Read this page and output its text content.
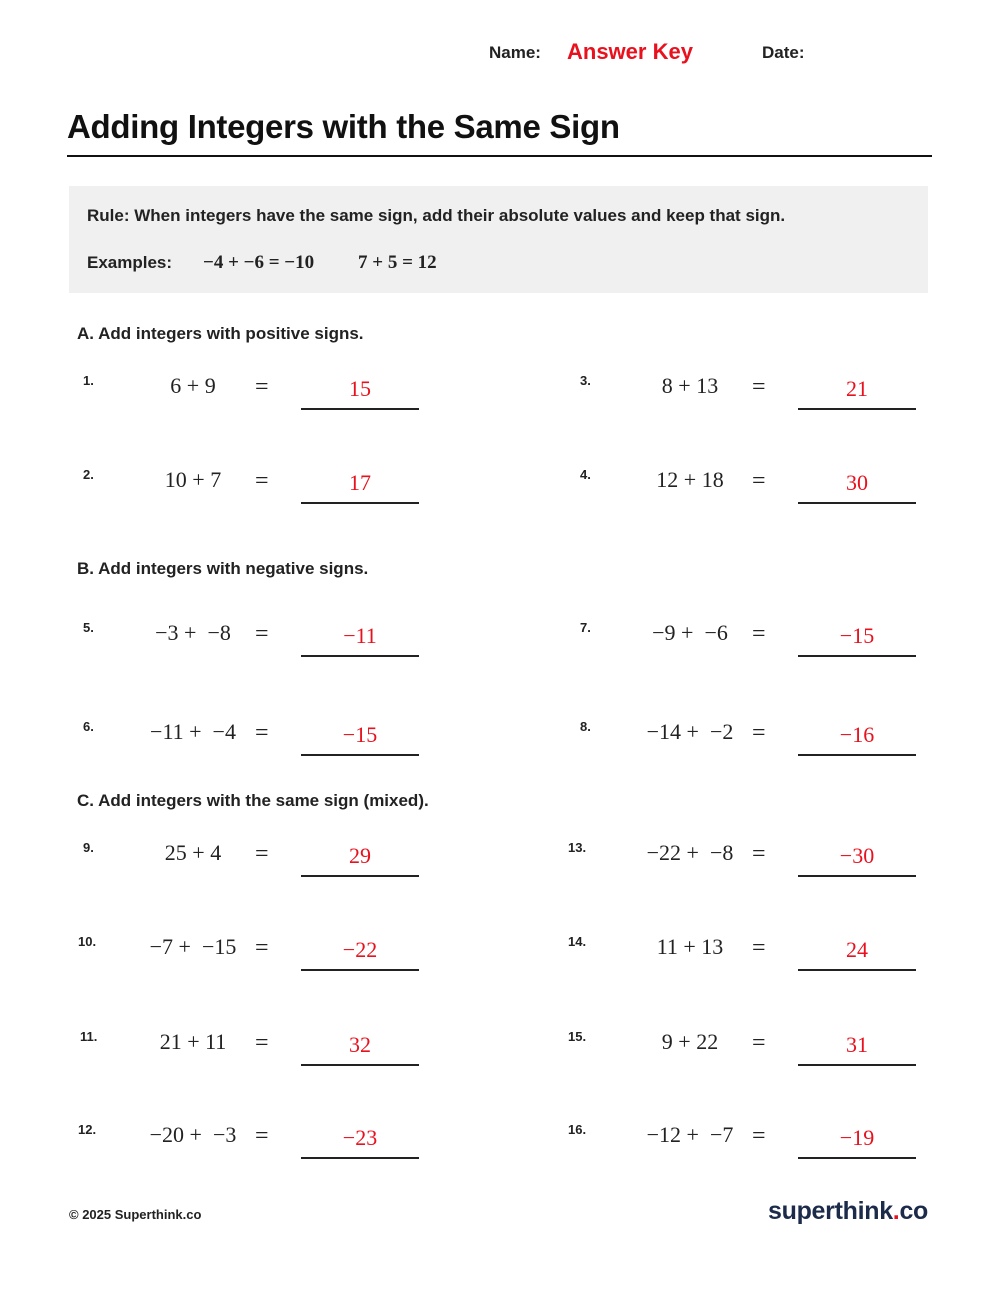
Name: Answer Key	Date:
Adding Integers with the Same Sign
Rule: When integers have the same sign, add their absolute values and keep that sign.
Examples: −4 + −6 = −10 7 + 5 = 12
A. Add integers with positive signs.
1.	6 + 9	=	15
2.	10 + 7	=	17
3.	8 + 13	=	21
4.	12 + 18	=	30
B. Add integers with negative signs.
5.	−3 +  −8	=	−11
6.	−11 +  −4 =	−15
7.	−9 +  −6	=	−15
8.	−14 +  −2 =	−16
C. Add integers with the same sign (mixed).
9.	25 + 4	=	29
10.	−7 +  −15 =	−22
11.	21 + 11	=	32
12.	−20 +  −3 =	−23
13.	−22 +  −8 =	−30
14.	11 + 13	=	24
15.	9 + 22	=	31
16.	−12 +  −7 =	−19
© 2025 Superthink.co	superthink.co
